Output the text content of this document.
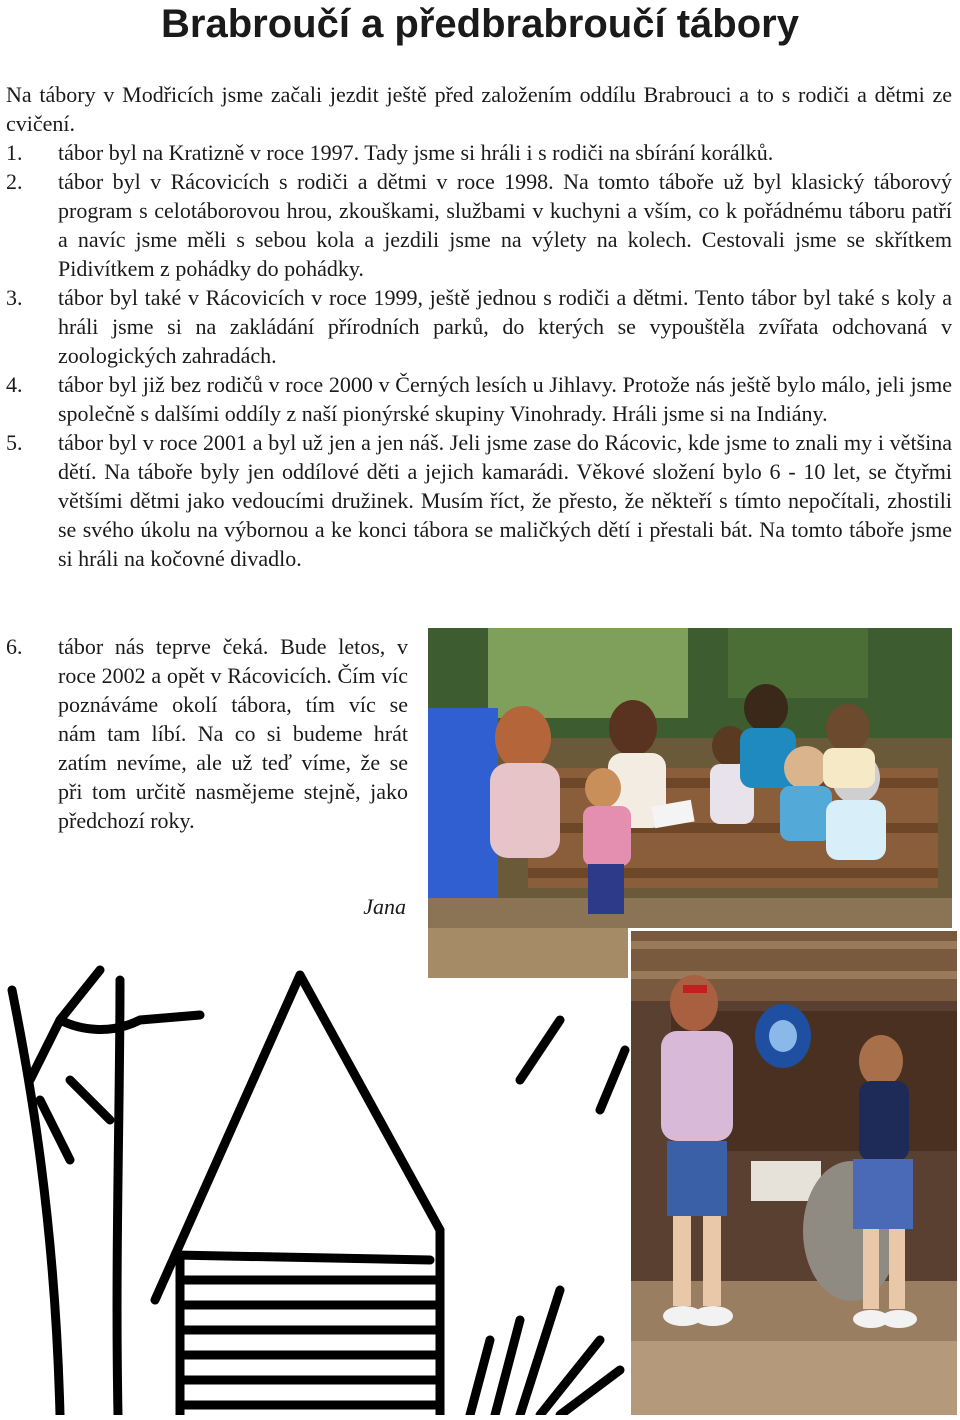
Brabroučí a předbrabroučí tábory

Na tábory v Modřicích jsme začali jezdit ještě před založením oddílu Brabrouci a to s rodiči a dětmi ze cvičení.

1.	tábor byl na Kratizně v roce 1997. Tady jsme si hráli i s rodiči na sbírání korálků.
2.	tábor byl v Rácovicích s rodiči a dětmi v roce 1998. Na tomto táboře už byl klasický táborový program s celotáborovou hrou, zkouškami, službami v kuchyni a vším, co k pořádnému táboru patří a navíc jsme měli s sebou kola a jezdili jsme na výlety na kolech. Cestovali jsme se skřítkem Pidivítkem z pohádky do pohádky.
3.	tábor byl také v Rácovicích v roce 1999, ještě jednou s rodiči a dětmi. Tento tábor byl také s koly a hráli jsme si na zakládání přírodních parků, do kterých se vypouštěla zvířata odchovaná v zoologických zahradách.
4.	tábor byl již bez rodičů v roce 2000 v Černých lesích u Jihlavy. Protože nás ještě bylo málo, jeli jsme společně s dalšími oddíly z naší pionýrské skupiny Vinohrady. Hráli jsme si na Indiány.
5.	tábor byl v roce 2001 a byl už jen a jen náš. Jeli jsme zase do Rácovic, kde jsme to znali my i většina dětí. Na táboře byly jen oddílové děti a jejich kamarádi. Věkové složení bylo 6 - 10 let, se čtyřmi většími dětmi jako vedoucími družinek. Musím říct, že přesto, že někteří s tímto nepočítali, zhostili se svého úkolu na výbornou a ke konci tábora se maličkých dětí i přestali bát. Na tomto táboře jsme si hráli na kočovné divadlo.
6.	tábor nás teprve čeká. Bude letos, v roce 2002 a opět v Rácovicích. Čím víc poznáváme okolí tábora, tím víc se nám tam líbí. Na co si budeme hrát zatím nevíme, ale už teď víme, že se při tom určitě nasmějeme stejně, jako předchozí roky.
Jana
